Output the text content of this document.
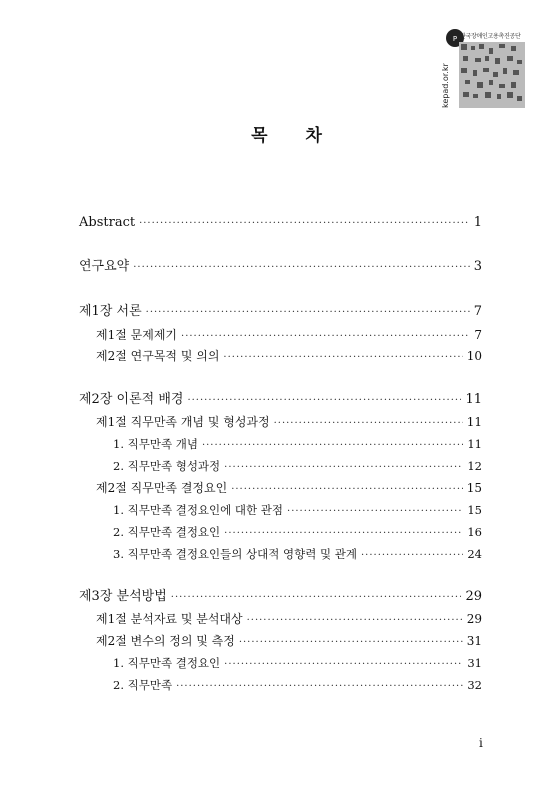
P 한국장애인고용촉진공단
kepad.or.kr
목 차
Abstract ·····	1
연구요약 ·····	3
제1장 서론 ·····	7
제1절 문제제기 ·····	7
제2절 연구목적 및 의의 ·····	10
제2장 이론적 배경 ·····	11
제1절 직무만족 개념 및 형성과정 ·····	11
1. 직무만족 개념 ·····	11
2. 직무만족 형성과정 ·····	12
제2절 직무만족 결정요인 ·····	15
1. 직무만족 결정요인에 대한 관점 ·····	15
2. 직무만족 결정요인 ·····	16
3. 직무만족 결정요인들의 상대적 영향력 및 관계 ·····	24
제3장 분석방법 ·····	29
제1절 분석자료 및 분석대상 ·····	29
제2절 변수의 정의 및 측정 ·····	31
1. 직무만족 결정요인 ·····	31
2. 직무만족 ·····	32
i
